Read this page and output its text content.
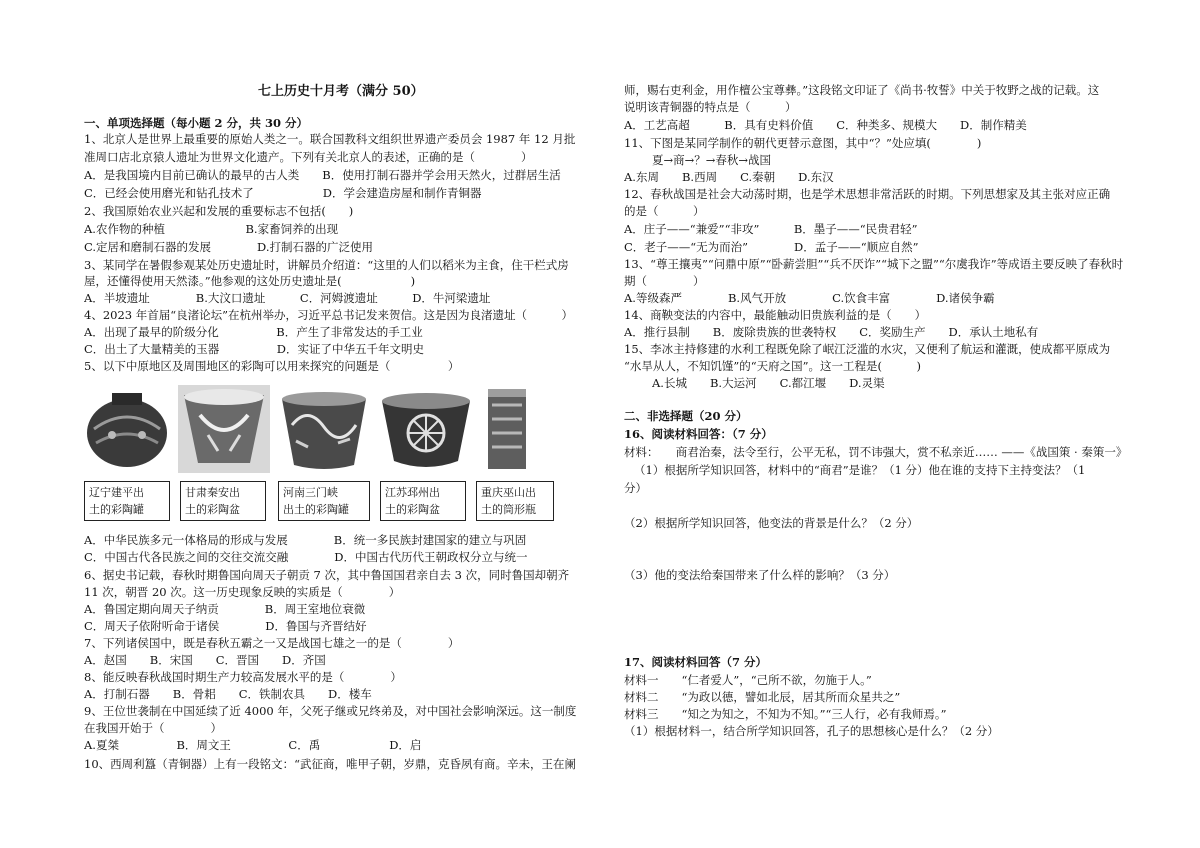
七上历史十月考（满分 50）
一、单项选择题（每小题 2 分，共 30 分）
1、北京人是世界上最重要的原始人类之一。联合国教科文组织世界遗产委员会 1987 年 12 月批
准周口店北京猿人遗址为世界文化遗产。下列有关北京人的表述，正确的是（　　　　）
A．是我国境内目前已确认的最早的古人类　　B．使用打制石器并学会用天然火，过群居生活
C．已经会使用磨光和钻孔技术了　　　　　　D．学会建造房屋和制作青铜器
2、我国原始农业兴起和发展的重要标志不包括(　　)
A.农作物的种植　　　　　　　B.家畜饲养的出现
C.定居和磨制石器的发展　　　　D.打制石器的广泛使用
3、某同学在暑假参观某处历史遗址时，讲解员介绍道：“这里的人们以稻米为主食，住干栏式房
屋，还懂得使用天然漆。”他参观的这处历史遗址是(　　　　　　)
A．半坡遗址　　　　B.大汶口遗址　　　C．河姆渡遗址　　　D．牛河梁遗址
4、2023 年首届“良渚论坛”在杭州举办，习近平总书记发来贺信。这是因为良渚遗址（　　　）
A．出现了最早的阶级分化　　　　　B．产生了非常发达的手工业
C．出土了大量精美的玉器　　　　　D．实证了中华五千年文明史
5、以下中原地区及周围地区的彩陶可以用来探究的问题是（　　　　　）
A．中华民族多元一体格局的形成与发展　　　　B．统一多民族封建国家的建立与巩固
C．中国古代各民族之间的交往交流交融　　　　D．中国古代历代王朝政权分立与统一
6、据史书记载，春秋时期鲁国向周天子朝贡 7 次，其中鲁国国君亲自去 3 次，同时鲁国却朝齐
11 次，朝晋 20 次。这一历史现象反映的实质是（　　　　）
A．鲁国定期向周天子纳贡　　　　B．周王室地位衰微
C．周天子依附听命于诸侯　　　　D．鲁国与齐晋结好
7、下列诸侯国中，既是春秋五霸之一又是战国七雄之一的是（　　　　）
A．赵国　　B．宋国　　C．晋国　　D．齐国
8、能反映春秋战国时期生产力较高发展水平的是（　　　　）
A．打制石器　　B．骨耜　　C．铁制农具　　D．楼车
9、王位世袭制在中国延续了近 4000 年，父死子继或兄终弟及，对中国社会影响深远。这一制度
在我国开始于（　　　　）
A.夏桀　　　　　B．周文王　　　　　C．禹　　　　　　D．启
10、西周利簋（青铜器）上有一段铭文：“武征商，唯甲子朝，岁鼎，克昏夙有商。辛未，王在阑
辽宁建平出
土的彩陶罐
甘肃秦安出
土的彩陶盆
河南三门峡
出土的彩陶罐
江苏邳州出
土的彩陶盆
重庆巫山出
土的筒形瓶
师，赐右吏利金，用作檀公宝尊彝。”这段铭文印证了《尚书·牧誓》中关于牧野之战的记载。这
说明该青铜器的特点是（　　　）
A．工艺高超　　　B．具有史料价值　　C．种类多、规模大　　D．制作精美
11、下图是某同学制作的朝代更替示意图，其中“？”处应填(　　　　)
夏→商→？→春秋→战国
A.东周　　B.西周　　C.秦朝　　D.东汉
12、春秋战国是社会大动荡时期，也是学术思想非常活跃的时期。下列思想家及其主张对应正确
的是（　　　）
A．庄子——“兼爱”“非攻”　　　B．墨子——“民贵君轻”
C．老子——“无为而治”　　　　D．孟子——“顺应自然”
13、“尊王攘夷”“问鼎中原”“卧薪尝胆”“兵不厌诈”“城下之盟”“尔虞我诈”等成语主要反映了春秋时
期（　　　　）
A.等级森严　　　　B.风气开放　　　　C.饮食丰富　　　　D.诸侯争霸
14、商鞅变法的内容中，最能触动旧贵族利益的是（　　）
A．推行县制　　B．废除贵族的世袭特权　　C．奖励生产　　D．承认土地私有
15、李冰主持修建的水利工程既免除了岷江泛滥的水灾，又便利了航运和灌溉，使成都平原成为
“水旱从人，不知饥馑”的“天府之国”。这一工程是(　　　)
A.长城　　B.大运河　　C.都江堰　　D.灵渠
二、非选择题（20 分）
16、阅读材料回答：（7 分）
材料：　　商君治秦，法令至行，公平无私，罚不讳强大，赏不私亲近…… ——《战国策 · 秦策一》
（1）根据所学知识回答，材料中的“商君”是谁？（1 分）他在谁的支持下主持变法？（1
分）
（2）根据所学知识回答，他变法的背景是什么？（2 分）
（3）他的变法给秦国带来了什么样的影响？（3 分）
17、阅读材料回答（7 分）
材料一　　“仁者爱人”，“己所不欲，勿施于人。”
材料二　　“为政以德，譬如北辰，居其所而众星共之”
材料三　　“知之为知之，不知为不知。”“三人行，必有我师焉。”
（1）根据材料一，结合所学知识回答，孔子的思想核心是什么？（2 分）
